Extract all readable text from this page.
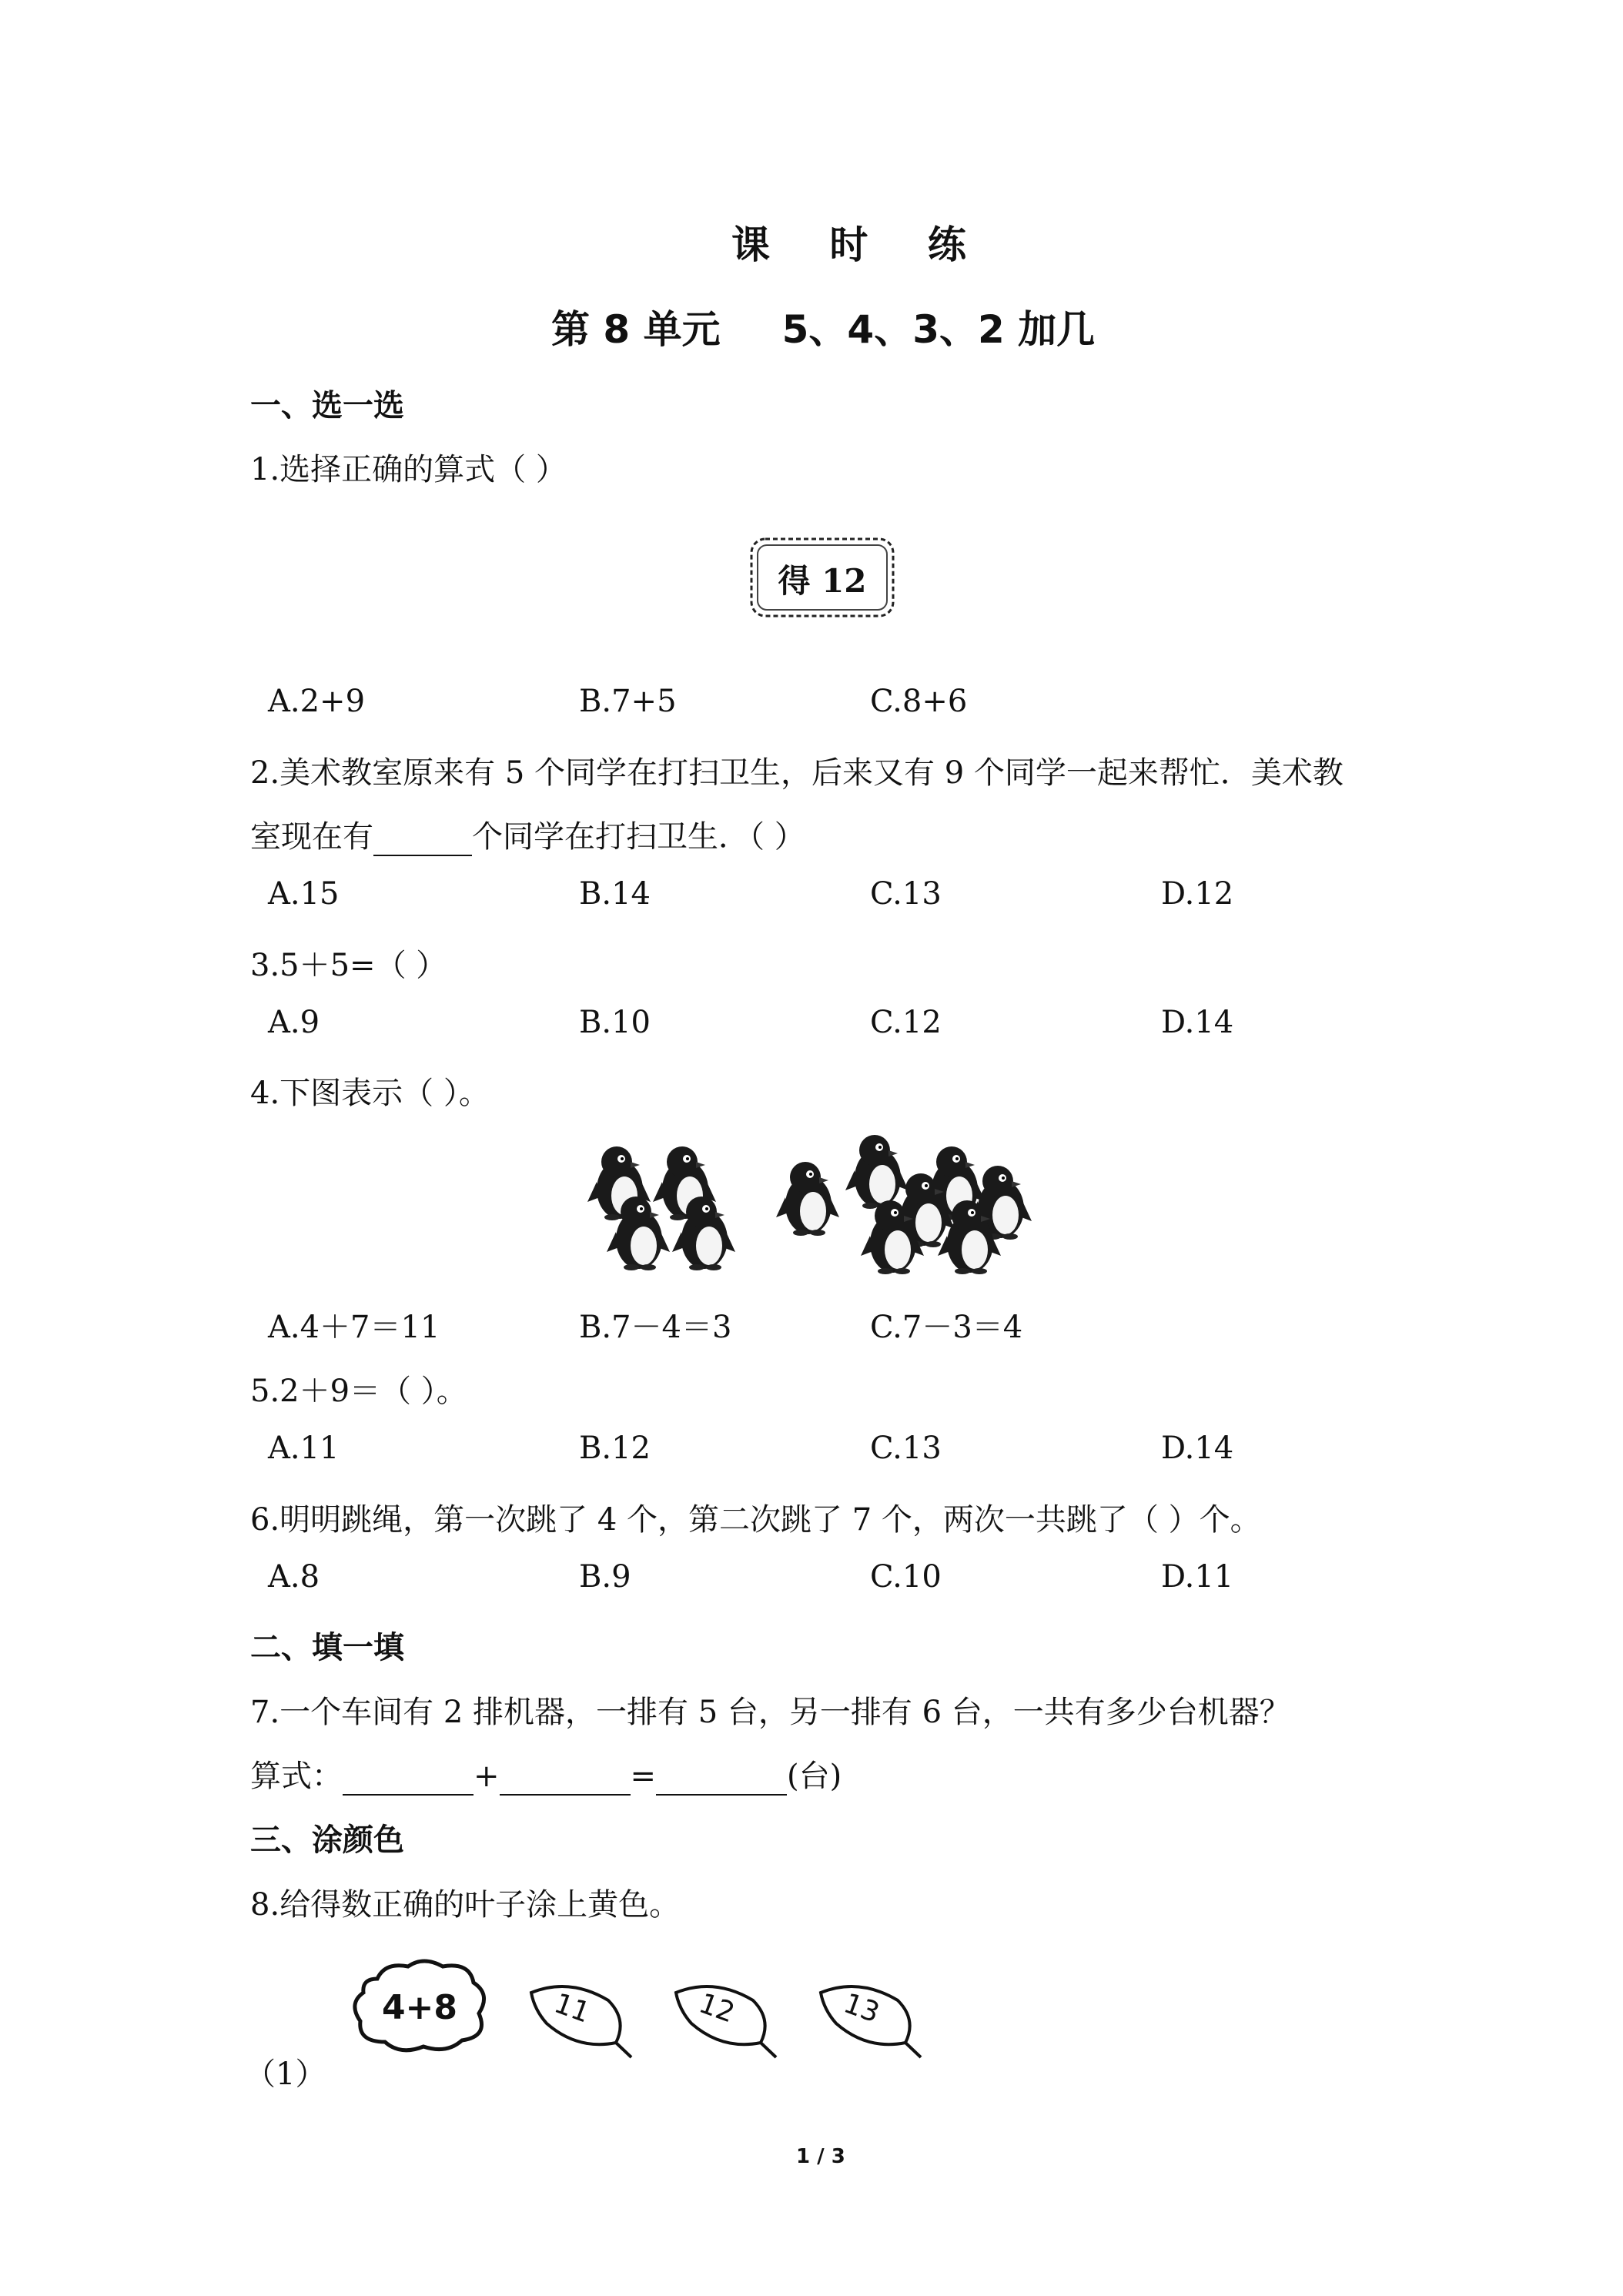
课 时 练
第 8 单元 5、4、3、2 加几
一、选一选
1.选择正确的算式（ ）
得 12
A.2+9	B.7+5	C.8+6
2.美术教室原来有 5 个同学在打扫卫生，后来又有 9 个同学一起来帮忙．美术教
室现在有	个同学在打扫卫生．（ ）
A.15	B.14	C.13	D.12
3.5＋5=（ ）
A.9	B.10	C.12	D.14
4.下图表示（ ）。
A.4＋7＝11	B.7－4＝3	C.7－3＝4
5.2＋9＝（ ）。
A.11	B.12	C.13	D.14
6.明明跳绳，第一次跳了 4 个，第二次跳了 7 个，两次一共跳了（ ）个。
A.8	B.9	C.10	D.11
二、填一填
7.一个车间有 2 排机器，一排有 5 台，另一排有 6 台，一共有多少台机器？
算式：	+	=	(台)
三、涂颜色
8.给得数正确的叶子涂上黄色。
（1）
4+8	11	12	13
1 / 3
